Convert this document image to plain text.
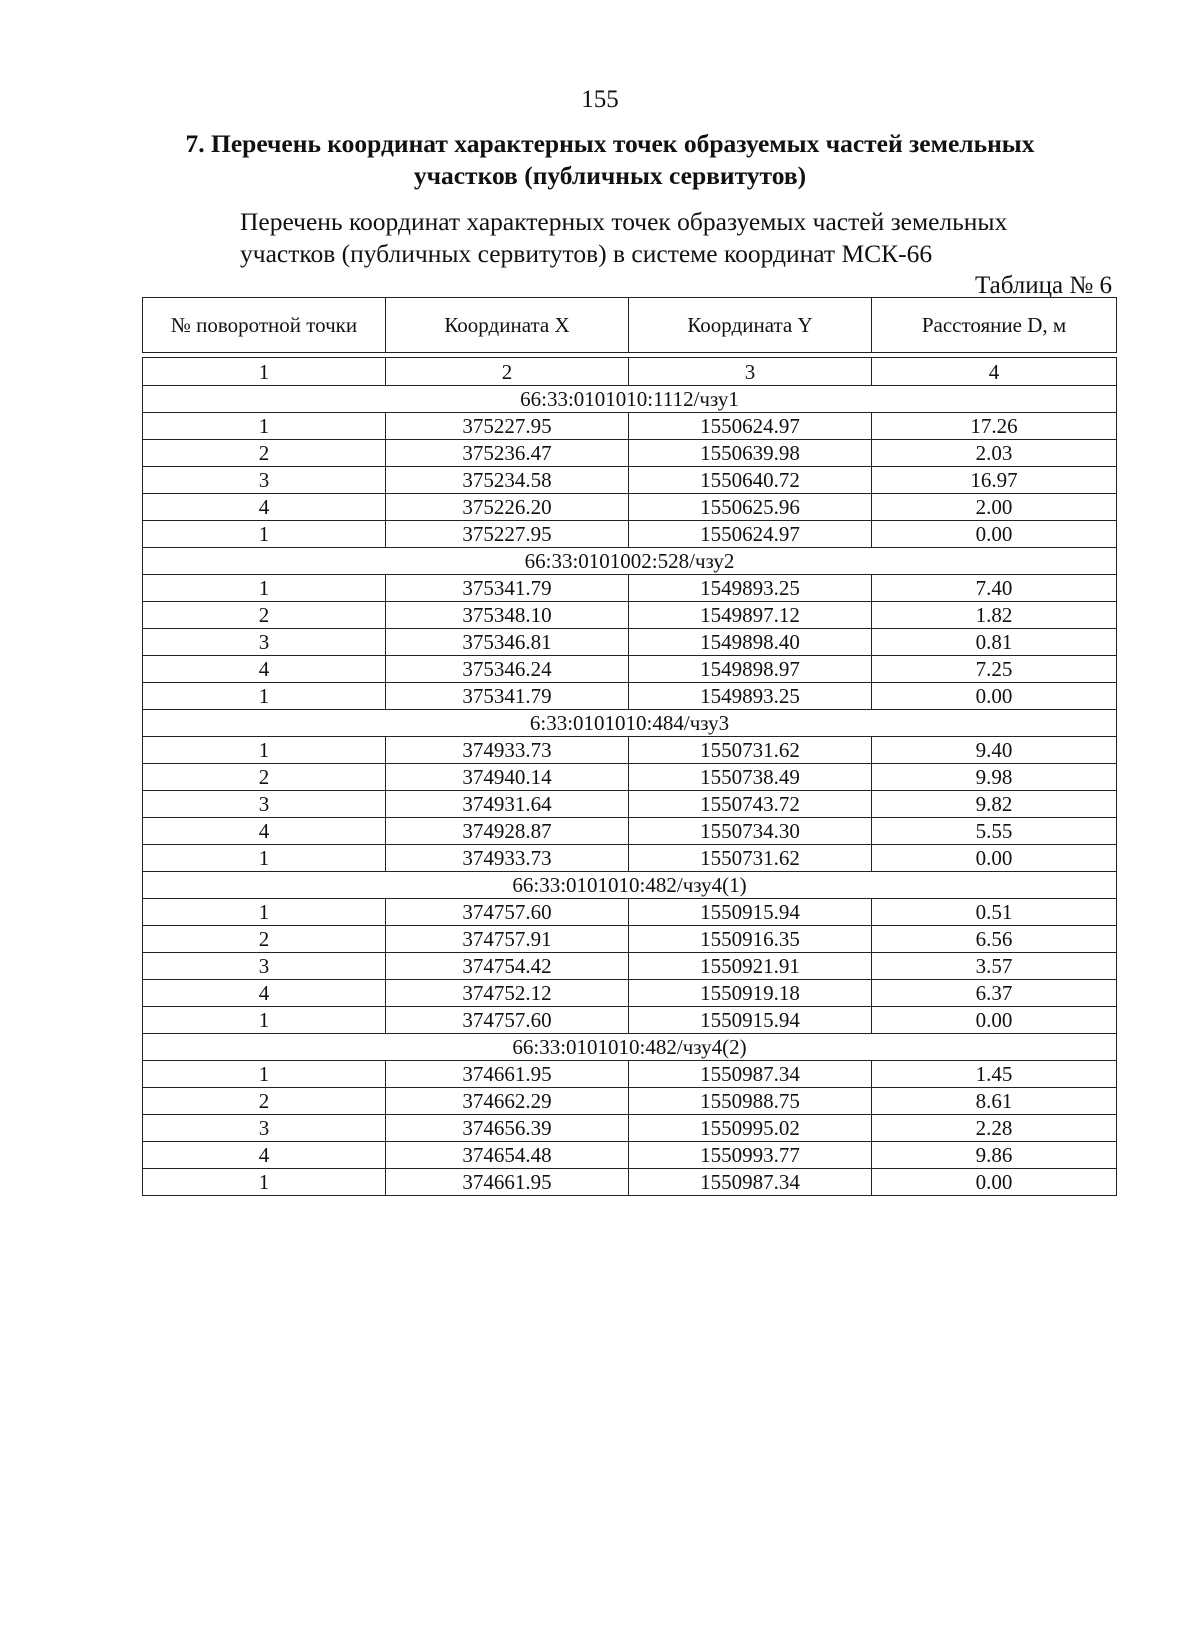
155
7. Перечень координат характерных точек образуемых частей земельных участков (публичных сервитутов)
Перечень координат характерных точек образуемых частей земельных участков (публичных сервитутов) в системе координат МСК-66
Таблица № 6
№ поворотной точки	Координата X	Координата Y	Расстояние D, м
1	2	3	4
66:33:0101010:1112/чзу1			
1	375227.95	1550624.97	17.26
2	375236.47	1550639.98	2.03
3	375234.58	1550640.72	16.97
4	375226.20	1550625.96	2.00
1	375227.95	1550624.97	0.00
66:33:0101002:528/чзу2			
1	375341.79	1549893.25	7.40
2	375348.10	1549897.12	1.82
3	375346.81	1549898.40	0.81
4	375346.24	1549898.97	7.25
1	375341.79	1549893.25	0.00
6:33:0101010:484/чзу3			
1	374933.73	1550731.62	9.40
2	374940.14	1550738.49	9.98
3	374931.64	1550743.72	9.82
4	374928.87	1550734.30	5.55
1	374933.73	1550731.62	0.00
66:33:0101010:482/чзу4(1)			
1	374757.60	1550915.94	0.51
2	374757.91	1550916.35	6.56
3	374754.42	1550921.91	3.57
4	374752.12	1550919.18	6.37
1	374757.60	1550915.94	0.00
66:33:0101010:482/чзу4(2)			
1	374661.95	1550987.34	1.45
2	374662.29	1550988.75	8.61
3	374656.39	1550995.02	2.28
4	374654.48	1550993.77	9.86
1	374661.95	1550987.34	0.00
